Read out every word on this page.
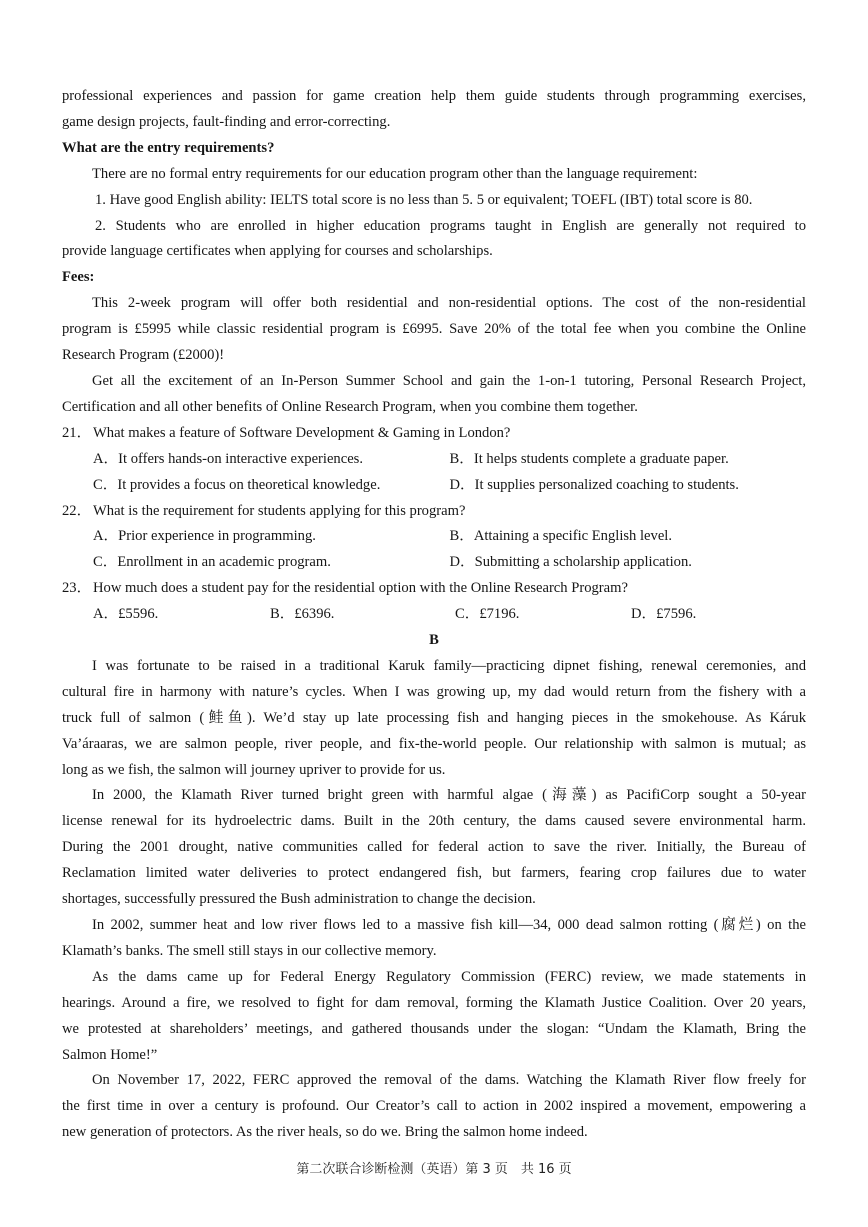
professional experiences and passion for game creation help them guide students through programming exercises,
game design projects, fault-finding and error-correcting.
What are the entry requirements?
There are no formal entry requirements for our education program other than the language requirement:
1. Have good English ability: IELTS total score is no less than 5. 5 or equivalent; TOEFL (IBT) total score is 80.
2. Students who are enrolled in higher education programs taught in English are generally not required to
provide language certificates when applying for courses and scholarships.
Fees:
This 2-week program will offer both residential and non-residential options. The cost of the non-residential
program is £5995 while classic residential program is £6995. Save 20% of the total fee when you combine the Online
Research Program (£2000)!
Get all the excitement of an In-Person Summer School and gain the 1-on-1 tutoring, Personal Research Project,
Certification and all other benefits of Online Research Program, when you combine them together.
21． What makes a feature of Software Development & Gaming in London?
A．It offers hands-on interactive experiences.	B．It helps students complete a graduate paper.
C．It provides a focus on theoretical knowledge.	D．It supplies personalized coaching to students.
22． What is the requirement for students applying for this program?
A．Prior experience in programming.	B．Attaining a specific English level.
C．Enrollment in an academic program.	D．Submitting a scholarship application.
23． How much does a student pay for the residential option with the Online Research Program?
A．£5596.	B．£6396.	C．£7196.	D．£7596.
B
I was fortunate to be raised in a traditional Karuk family—practicing dipnet fishing, renewal ceremonies, and
cultural fire in harmony with nature’s cycles. When I was growing up, my dad would return from the fishery with a
truck full of salmon (鲑鱼). We’d stay up late processing fish and hanging pieces in the smokehouse. As Káruk
Va’áraaras, we are salmon people, river people, and fix-the-world people. Our relationship with salmon is mutual; as
long as we fish, the salmon will journey upriver to provide for us.
In 2000, the Klamath River turned bright green with harmful algae (海藻) as PacifiCorp sought a 50-year
license renewal for its hydroelectric dams. Built in the 20th century, the dams caused severe environmental harm.
During the 2001 drought, native communities called for federal action to save the river. Initially, the Bureau of
Reclamation limited water deliveries to protect endangered fish, but farmers, fearing crop failures due to water
shortages, successfully pressured the Bush administration to change the decision.
In 2002, summer heat and low river flows led to a massive fish kill—34, 000 dead salmon rotting (腐烂) on the
Klamath’s banks. The smell still stays in our collective memory.
As the dams came up for Federal Energy Regulatory Commission (FERC) review, we made statements in
hearings. Around a fire, we resolved to fight for dam removal, forming the Klamath Justice Coalition. Over 20 years,
we protested at shareholders’ meetings, and gathered thousands under the slogan: “Undam the Klamath, Bring the
Salmon Home!”
On November 17, 2022, FERC approved the removal of the dams. Watching the Klamath River flow freely for
the first time in over a century is profound. Our Creator’s call to action in 2002 inspired a movement, empowering a
new generation of protectors. As the river heals, so do we. Bring the salmon home indeed.
第二次联合诊断检测（英语）第 3 页　共 16 页
